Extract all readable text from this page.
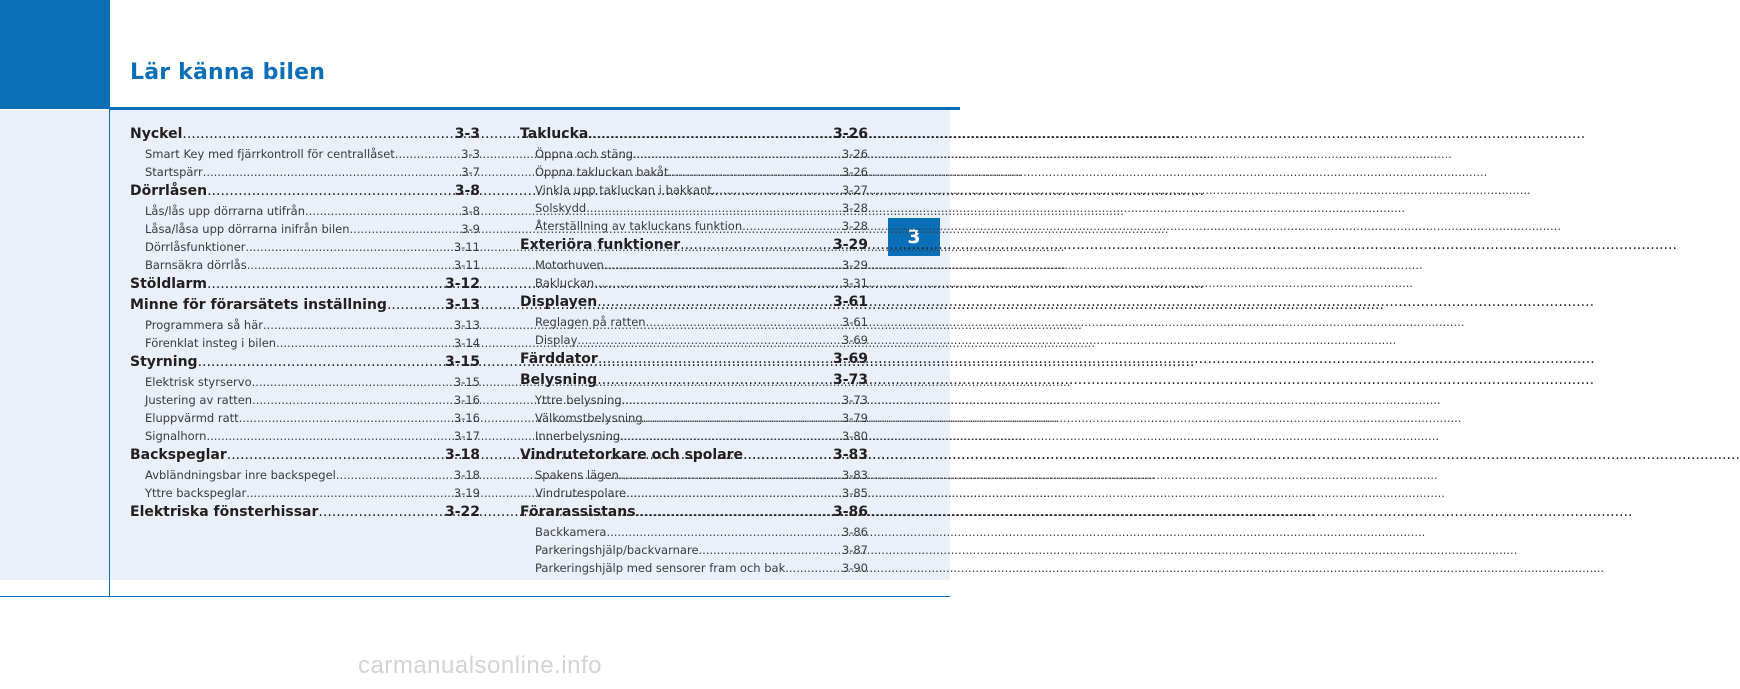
Lär känna bilen
3
Nyckel .....	3-3
Smart Key med fjärrkontroll för centrallåset .....	3-3
Startspärr .....	3-7
Dörrlåsen .....	3-8
Lås/lås upp dörrarna utifrån .....	3-8
Låsa/låsa upp dörrarna inifrån bilen .....	3-9
Dörrlåsfunktioner .....	3-11
Barnsäkra dörrlås .....	3-11
Stöldlarm .....	3-12
Minne för förarsätets inställning .....	3-13
Programmera så här .....	3-13
Förenklat insteg i bilen .....	3-14
Styrning .....	3-15
Elektrisk styrservo .....	3-15
Justering av ratten .....	3-16
Eluppvärmd ratt .....	3-16
Signalhorn .....	3-17
Backspeglar .....	3-18
Avbländningsbar inre backspegel .....	3-18
Yttre backspeglar .....	3-19
Elektriska fönsterhissar .....	3-22
Taklucka .....	3-26
Öppna och stäng .....	3-26
Öppna takluckan bakåt .....	3-26
Vinkla upp takluckan i bakkant .....	3-27
Solskydd .....	3-28
Återställning av takluckans funktion .....	3-28
Exteriöra funktioner .....	3-29
Motorhuven .....	3-29
Bakluckan .....	3-31
Displayen .....	3-61
Reglagen på ratten .....	3-61
Display .....	3-69
Färddator .....	3-69
Belysning .....	3-73
Yttre belysning .....	3-73
Välkomstbelysning .....	3-79
Innerbelysning .....	3-80
Vindrutetorkare och spolare .....	3-83
Spakens lägen .....	3-83
Vindrutespolare .....	3-85
Förarassistans .....	3-86
Backkamera .....	3-86
Parkeringshjälp/backvarnare .....	3-87
Parkeringshjälp med sensorer fram och bak .....	3-90
carmanualsonline.info
